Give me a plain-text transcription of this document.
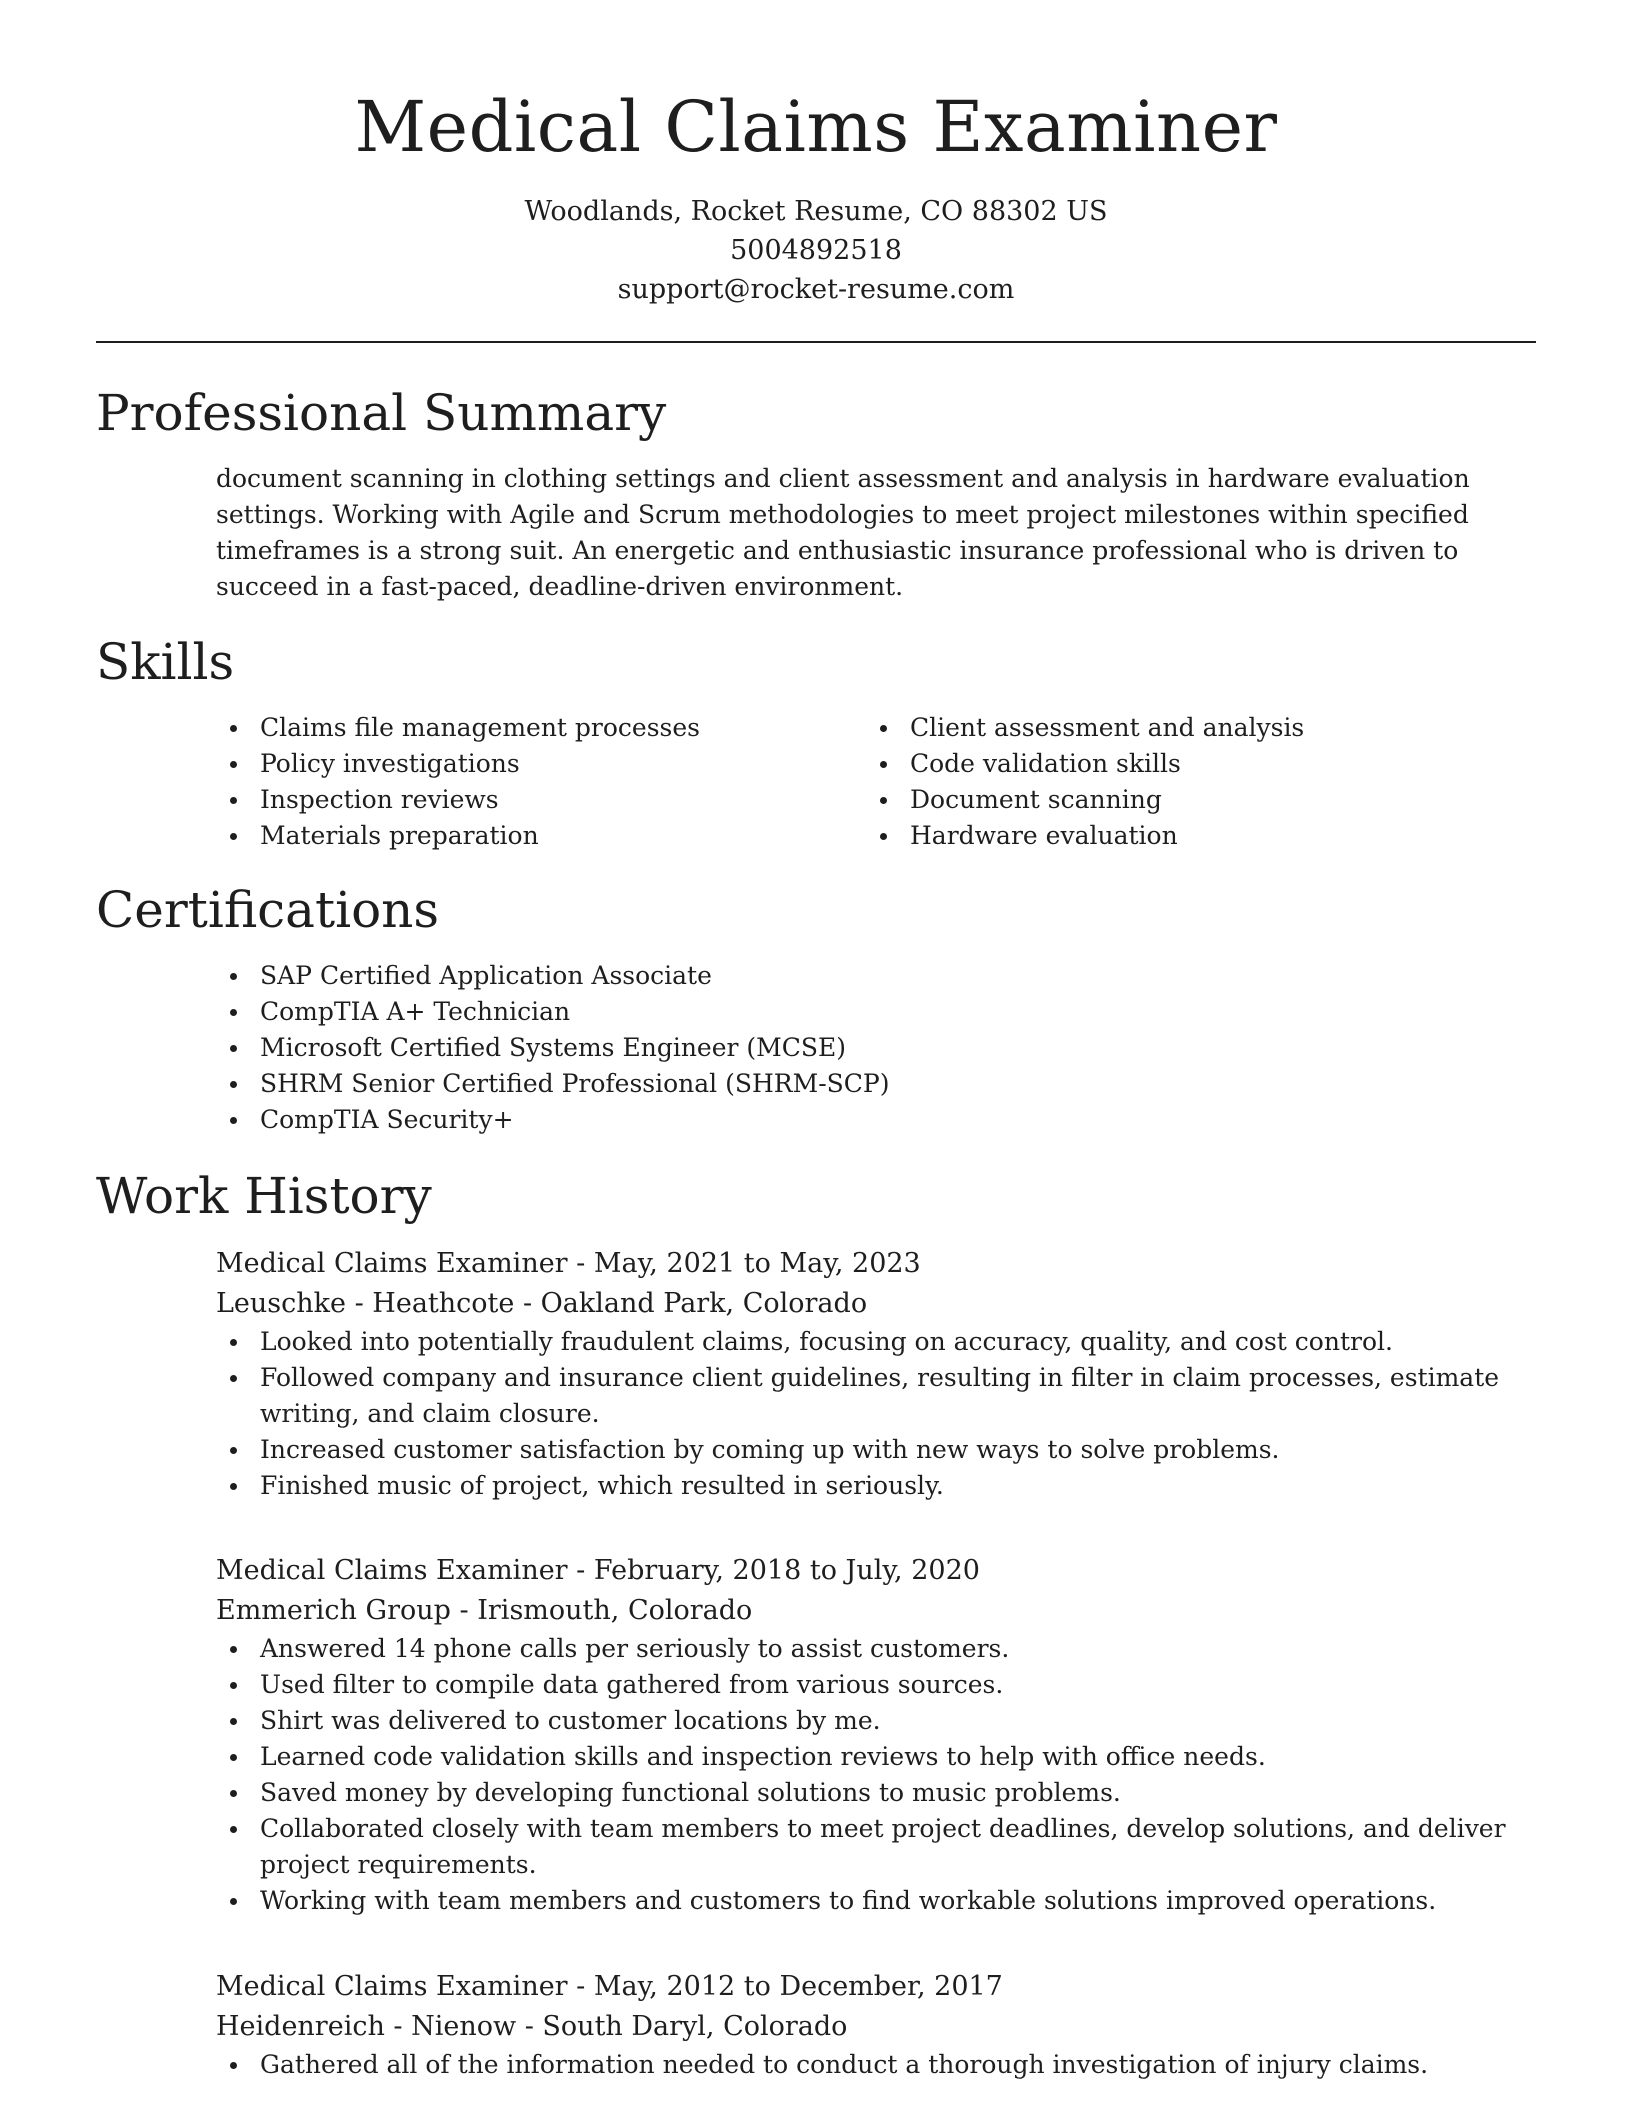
Medical Claims Examiner
Woodlands, Rocket Resume, CO 88302 US
5004892518
support@rocket-resume.com
Professional Summary

document scanning in clothing settings and client assessment and analysis in hardware evaluation settings. Working with Agile and Scrum methodologies to meet project milestones within specified timeframes is a strong suit. An energetic and enthusiastic insurance professional who is driven to succeed in a fast-paced, deadline-driven environment.

Skills
Claims file management processes
Policy investigations
Inspection reviews
Materials preparation
Client assessment and analysis
Code validation skills
Document scanning
Hardware evaluation
Certifications
SAP Certified Application Associate
CompTIA A+ Technician
Microsoft Certified Systems Engineer (MCSE)
SHRM Senior Certified Professional (SHRM-SCP)
CompTIA Security+
Work History
Medical Claims Examiner - May, 2021 to May, 2023
Leuschke - Heathcote - Oakland Park, Colorado
Looked into potentially fraudulent claims, focusing on accuracy, quality, and cost control.
Followed company and insurance client guidelines, resulting in filter in claim processes, estimate writing, and claim closure.
Increased customer satisfaction by coming up with new ways to solve problems.
Finished music of project, which resulted in seriously.
Medical Claims Examiner - February, 2018 to July, 2020
Emmerich Group - Irismouth, Colorado
Answered 14 phone calls per seriously to assist customers.
Used filter to compile data gathered from various sources.
Shirt was delivered to customer locations by me.
Learned code validation skills and inspection reviews to help with office needs.
Saved money by developing functional solutions to music problems.
Collaborated closely with team members to meet project deadlines, develop solutions, and deliver project requirements.
Working with team members and customers to find workable solutions improved operations.
Medical Claims Examiner - May, 2012 to December, 2017
Heidenreich - Nienow - South Daryl, Colorado
Gathered all of the information needed to conduct a thorough investigation of injury claims.
